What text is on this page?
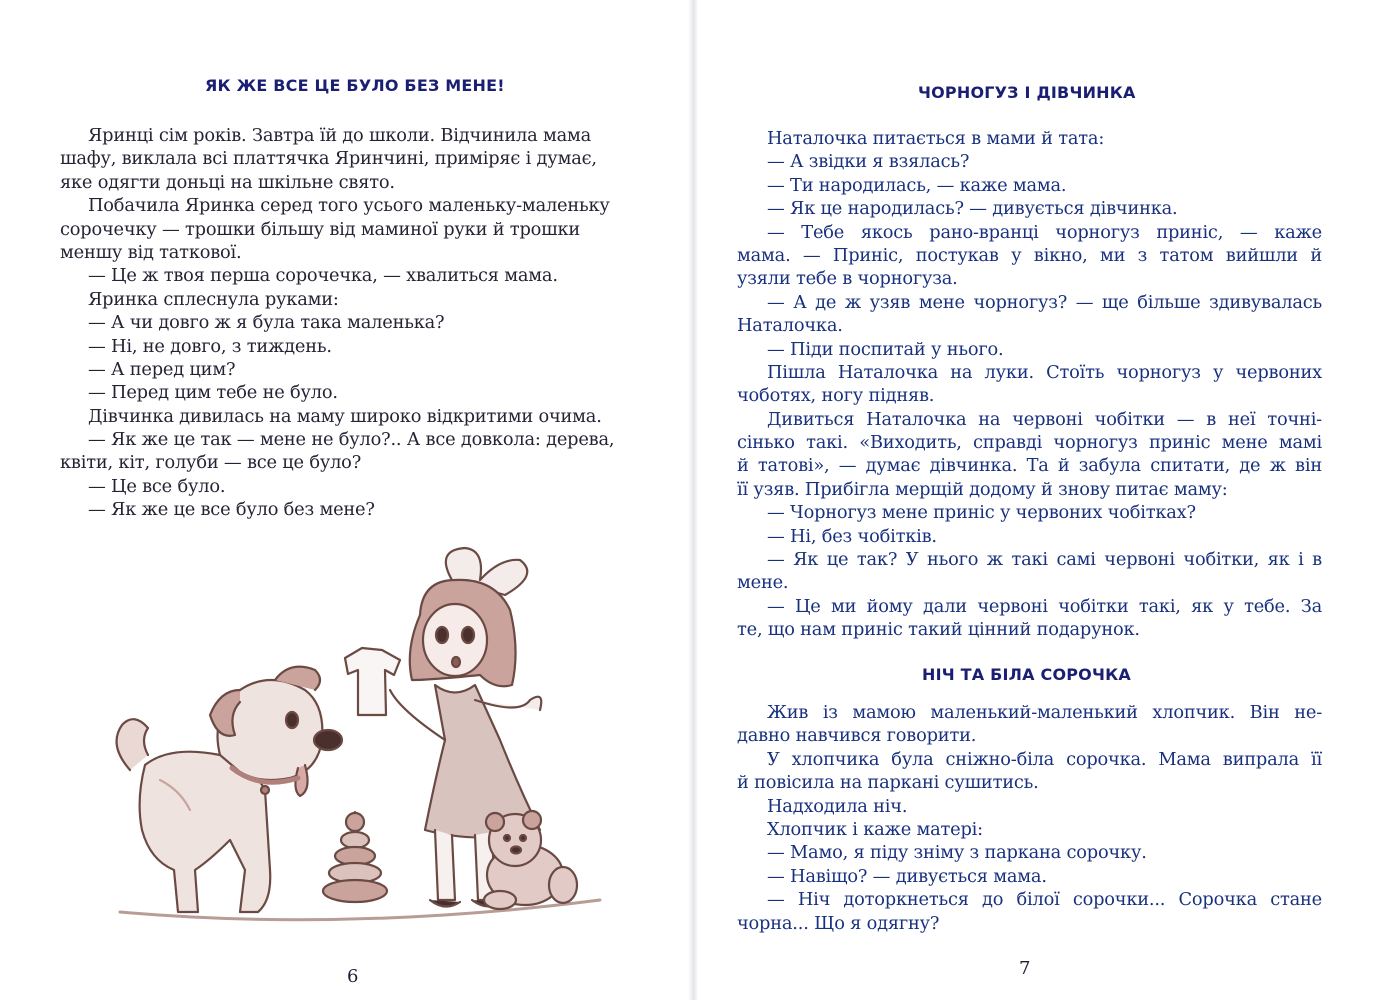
ЯК ЖЕ ВСЕ ЦЕ БУЛО БЕЗ МЕНЕ!
Яринці сім років. Завтра їй до школи. Відчинила мама
шафу, виклала всі платтячка Яринчині, приміряє і думає,
яке одягти доньці на шкільне свято.
Побачила Яринка серед того усього маленьку-маленьку
сорочечку — трошки більшу від маминої руки й трошки
меншу від таткової.
— Це ж твоя перша сорочечка, — хвалиться мама.
Яринка сплеснула руками:
— А чи довго ж я була така маленька?
— Ні, не довго, з тиждень.
— А перед цим?
— Перед цим тебе не було.
Дівчинка дивилась на маму широко відкритими очима.
— Як же це так — мене не було?.. А все довкола: дерева,
квіти, кіт, голуби — все це було?
— Це все було.
— Як же це все було без мене?
6
ЧОРНОГУЗ І ДІВЧИНКА
Наталочка питається в мами й тата:
— А звідки я взялась?
— Ти народилась, — каже мама.
— Як це народилась? — дивується дівчинка.
— Тебе якось рано-вранці чорногуз приніс, — каже
мама. — Приніс, постукав у вікно, ми з татом вийшли й
узяли тебе в чорногуза.
— А де ж узяв мене чорногуз? — ще більше здивувалась
Наталочка.
— Піди поспитай у нього.
Пішла Наталочка на луки. Стоїть чорногуз у червоних
чоботях, ногу підняв.
Дивиться Наталочка на червоні чобітки — в неї точні-
сінько такі. «Виходить, справді чорногуз приніс мене мамі
й татові», — думає дівчинка. Та й забула спитати, де ж він
її узяв. Прибігла мерщій додому й знову питає маму:
— Чорногуз мене приніс у червоних чобітках?
— Ні, без чобітків.
— Як це так? У нього ж такі самі червоні чобітки, як і в
мене.
— Це ми йому дали червоні чобітки такі, як у тебе. За
те, що нам приніс такий цінний подарунок.
НІЧ ТА БІЛА СОРОЧКА
Жив із мамою маленький-маленький хлопчик. Він не-
давно навчився говорити.
У хлопчика була сніжно-біла сорочка. Мама випрала її
й повісила на паркані сушитись.
Надходила ніч.
Хлопчик і каже матері:
— Мамо, я піду зніму з паркана сорочку.
— Навіщо? — дивується мама.
— Ніч доторкнеться до білої сорочки... Сорочка стане
чорна... Що я одягну?
7
